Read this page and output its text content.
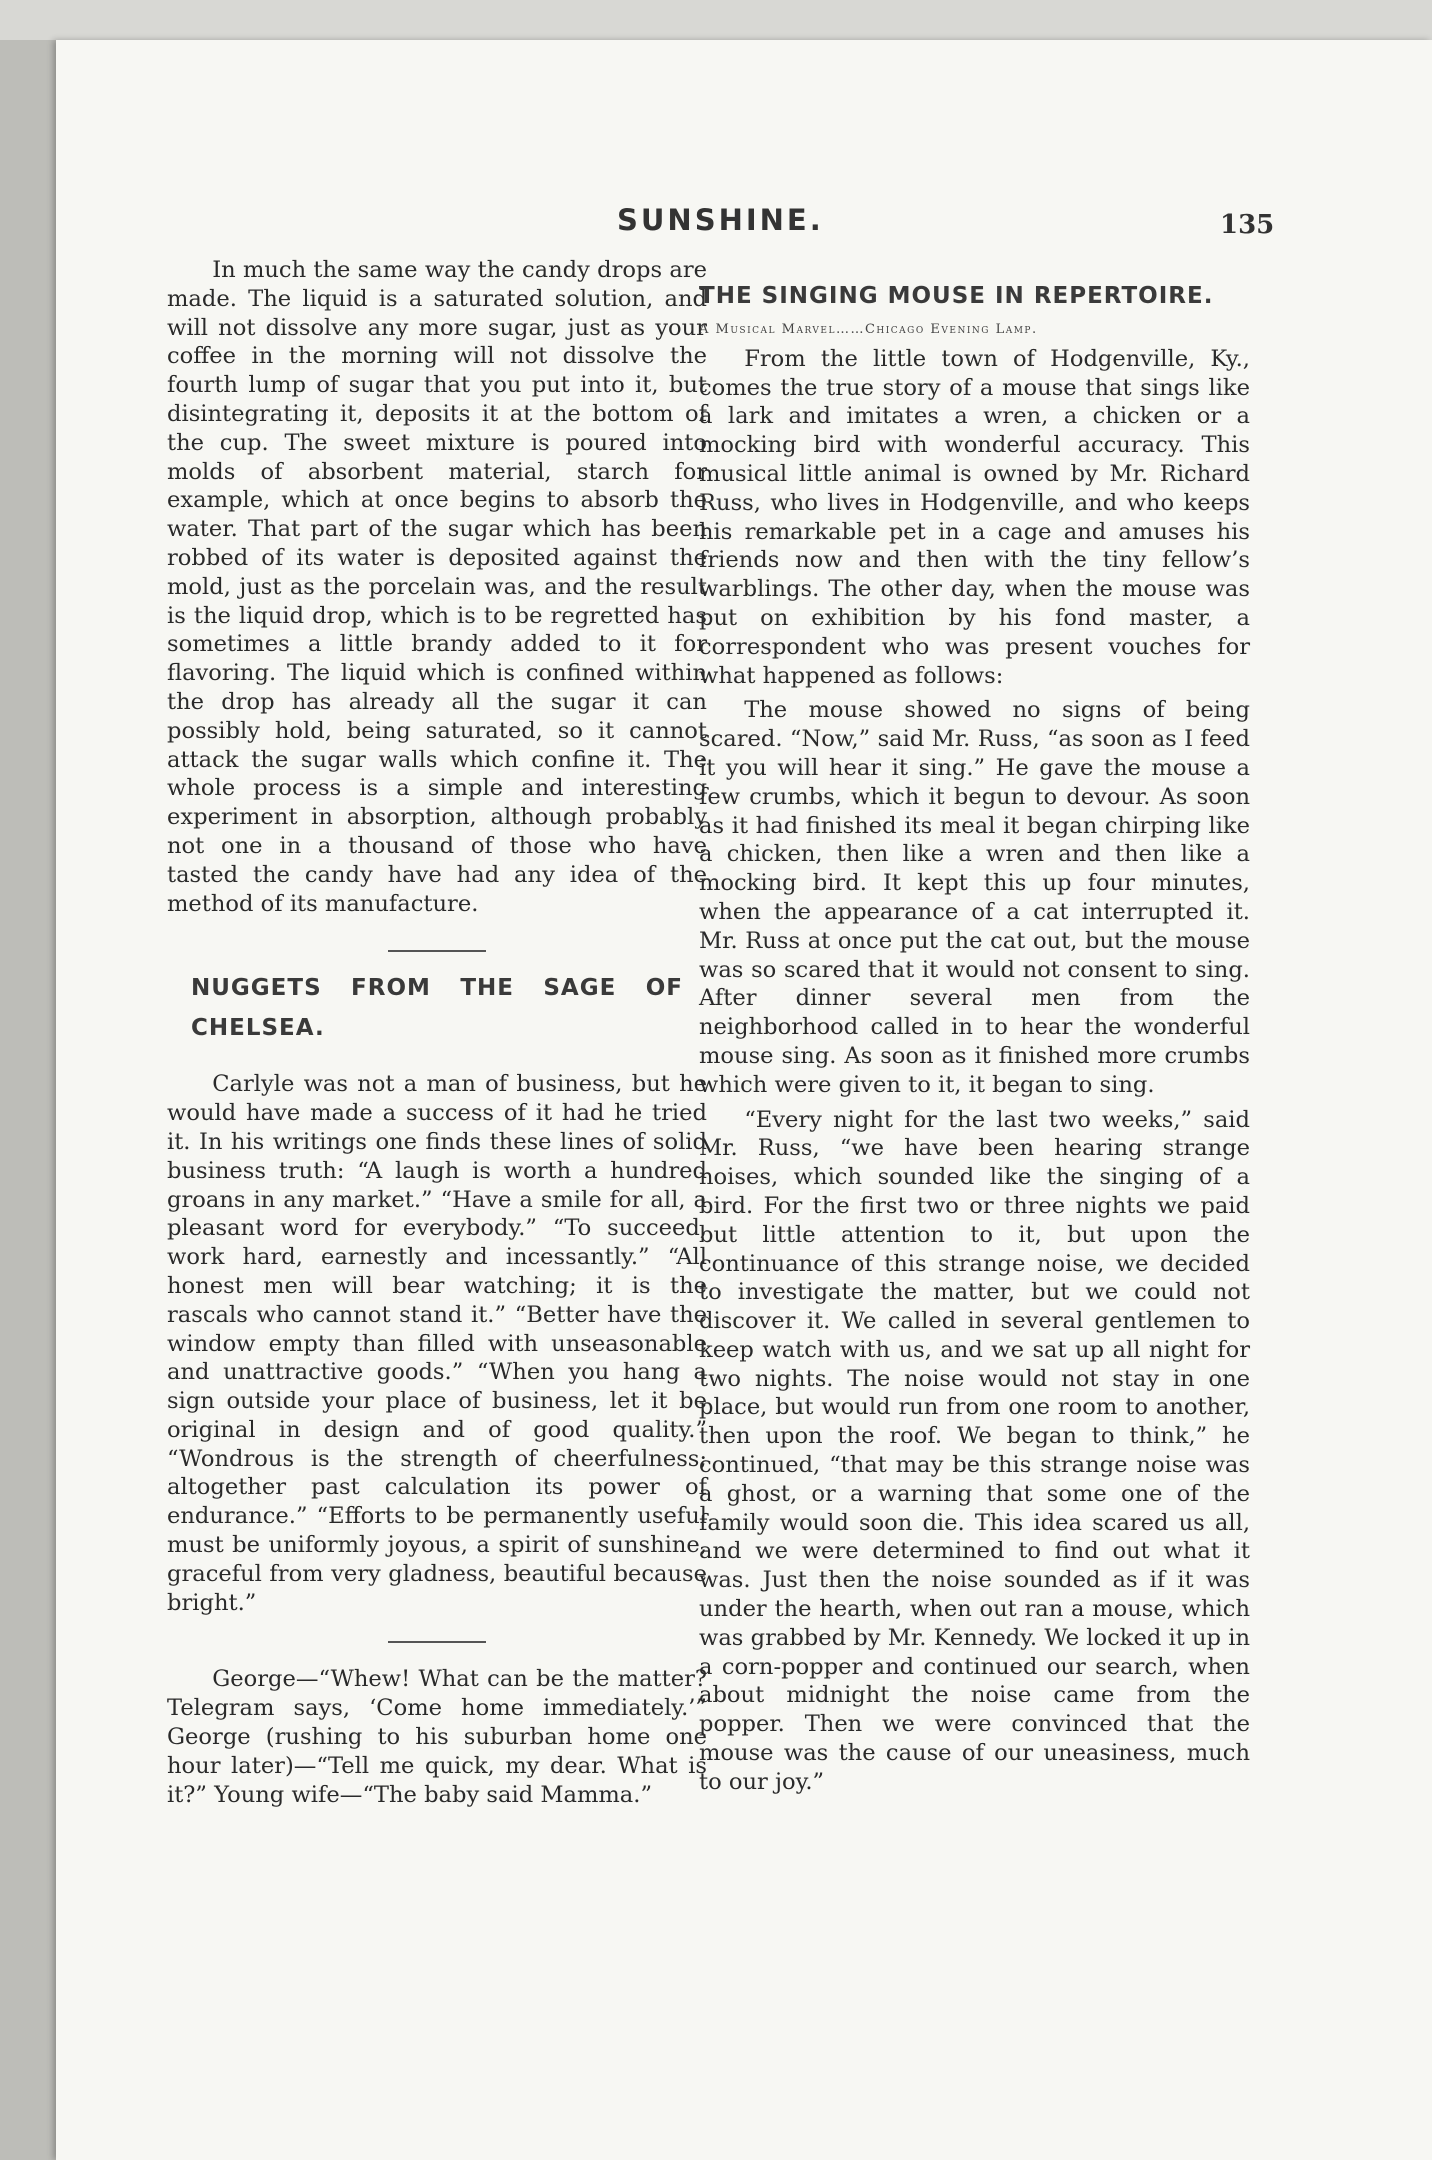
SUNSHINE.	135

In much the same way the candy drops are made. The liquid is a saturated solution, and will not dissolve any more sugar, just as your coffee in the morning will not dissolve the fourth lump of sugar that you put into it, but disintegrating it, deposits it at the bottom of the cup. The sweet mixture is poured into molds of absorbent material, starch for example, which at once begins to absorb the water. That part of the sugar which has been robbed of its water is deposited against the mold, just as the porcelain was, and the result is the liquid drop, which is to be regretted has sometimes a little brandy added to it for flavoring. The liquid which is confined within the drop has already all the sugar it can possibly hold, being saturated, so it cannot attack the sugar walls which confine it. The whole process is a simple and interesting experiment in absorption, although probably not one in a thousand of those who have tasted the candy have had any idea of the method of its manufacture.

NUGGETS FROM THE SAGE OF CHELSEA.

Carlyle was not a man of business, but he would have made a success of it had he tried it. In his writings one finds these lines of solid business truth: “A laugh is worth a hundred groans in any market.” “Have a smile for all, a pleasant word for everybody.” “To succeed, work hard, earnestly and incessantly.” “All honest men will bear watching; it is the rascals who cannot stand it.” “Better have the window empty than filled with unseasonable and unattractive goods.” “When you hang a sign outside your place of business, let it be original in design and of good quality.” “Wondrous is the strength of cheerfulness; altogether past calculation its power of endurance.” “Efforts to be permanently useful must be uniformly joyous, a spirit of sunshine, graceful from very gladness, beautiful because bright.”

George—“Whew! What can be the matter? Telegram says, ‘Come home immediately.’” George (rushing to his suburban home one hour later)—“Tell me quick, my dear. What is it?” Young wife—“The baby said Mamma.”

THE SINGING MOUSE IN REPERTOIRE.

A Musical Marvel……Chicago Evening Lamp.

From the little town of Hodgenville, Ky., comes the true story of a mouse that sings like a lark and imitates a wren, a chicken or a mocking bird with wonderful accuracy. This musical little animal is owned by Mr. Richard Russ, who lives in Hodgenville, and who keeps his remarkable pet in a cage and amuses his friends now and then with the tiny fellow’s warblings. The other day, when the mouse was put on exhibition by his fond master, a correspondent who was present vouches for what happened as follows:

The mouse showed no signs of being scared. “Now,” said Mr. Russ, “as soon as I feed it you will hear it sing.” He gave the mouse a few crumbs, which it begun to devour. As soon as it had finished its meal it began chirping like a chicken, then like a wren and then like a mocking bird. It kept this up four minutes, when the appearance of a cat interrupted it. Mr. Russ at once put the cat out, but the mouse was so scared that it would not consent to sing. After dinner several men from the neighborhood called in to hear the wonderful mouse sing. As soon as it finished more crumbs which were given to it, it began to sing.

“Every night for the last two weeks,” said Mr. Russ, “we have been hearing strange noises, which sounded like the singing of a bird. For the first two or three nights we paid but little attention to it, but upon the continuance of this strange noise, we decided to investigate the matter, but we could not discover it. We called in several gentlemen to keep watch with us, and we sat up all night for two nights. The noise would not stay in one place, but would run from one room to another, then upon the roof. We began to think,” he continued, “that may be this strange noise was a ghost, or a warning that some one of the family would soon die. This idea scared us all, and we were determined to find out what it was. Just then the noise sounded as if it was under the hearth, when out ran a mouse, which was grabbed by Mr. Kennedy. We locked it up in a corn-popper and continued our search, when about midnight the noise came from the popper. Then we were convinced that the mouse was the cause of our uneasiness, much to our joy.”
